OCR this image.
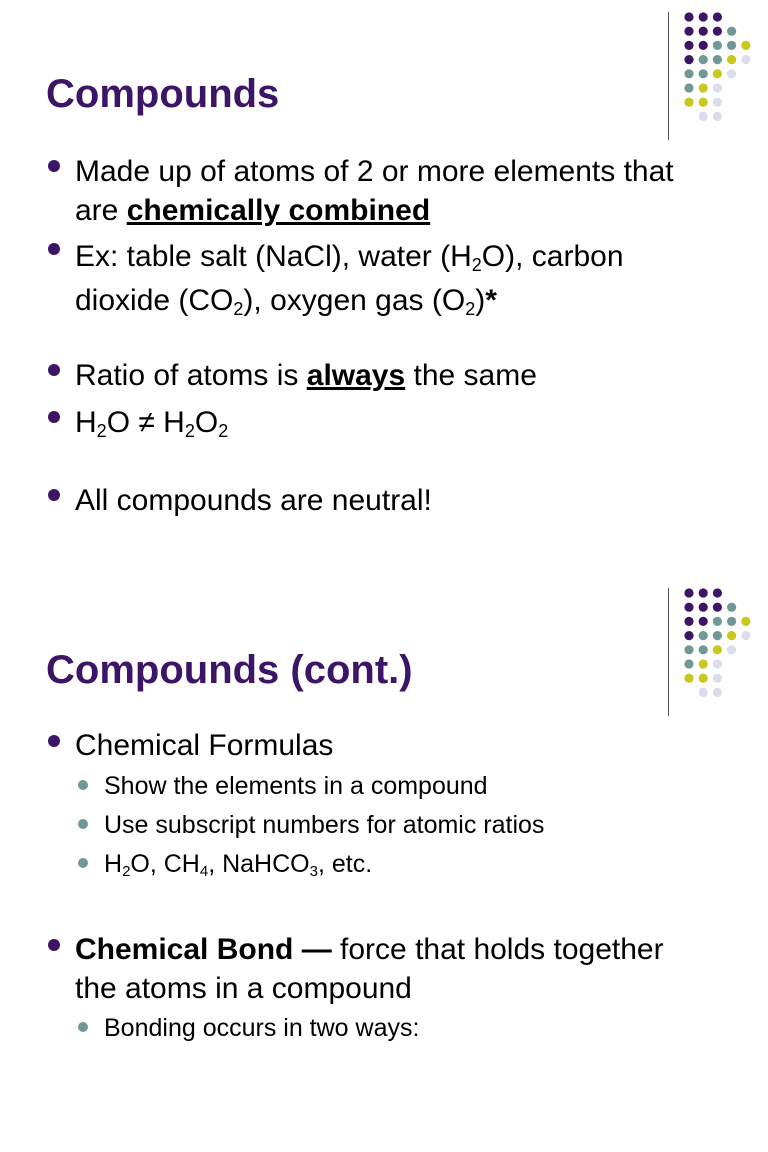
Compounds

Made up of atoms of 2 or more elements that
are chemically combined

Ex: table salt (NaCl), water $(H_2O)$, carbon
dioxide $(CO_2)$, oxygen gas $(O_2)*$

Ratio of atoms is always the same

$H_2O \ne H_2O_2$

All compounds are neutral!

Compounds (cont.)

Chemical Formulas

Show the elements in a compound

Use subscript numbers for atomic ratios

$H_2O$, $CH_4$, NaHCO$_3$, etc.

Chemical Bond — force that holds together
the atoms in a compound

Bonding occurs in two ways:
